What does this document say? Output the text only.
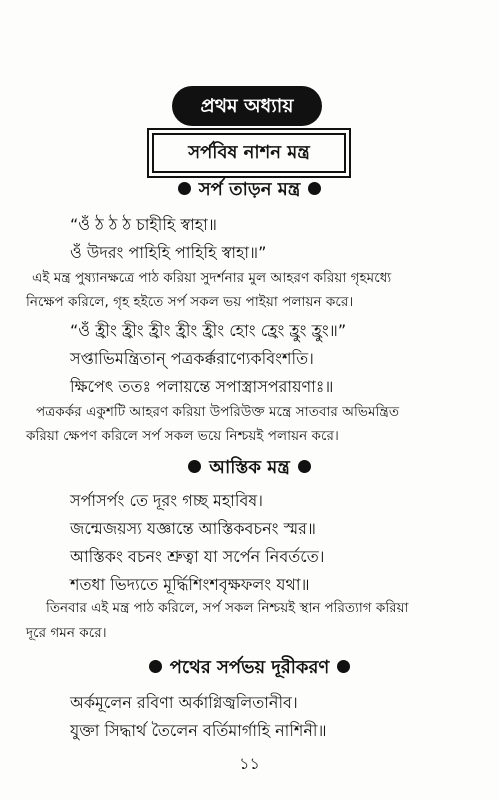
প্রথম অধ্যায়
সর্পবিষ নাশন মন্ত্র
সর্প তাড়ন মন্ত্র
“ওঁ ঠ ঠ ঠ চাহীহি স্বাহা॥
ওঁ উদরং পাহিহি পাহিহি স্বাহা॥”
এই মন্ত্র পুষ্যানক্ষত্রে পাঠ করিয়া সুদর্শনার মুল আহরণ করিয়া গৃহমধ্যে
নিক্ষেপ করিলে, গৃহ হইতে সর্প সকল ভয় পাইয়া পলায়ন করে।
“ওঁ হ্রীং হ্রীং হ্রীং হ্রীং হ্রীং হোং হ্রেং হ্রুং হ্রুং॥”
সপ্তাভিমন্ত্রিতান্‌ পত্রকর্ক্করাণ্যেকবিংশতি।
ক্ষিপেৎ ততঃ পলায়ন্তে সপাস্ত্রাসপরায়ণাঃ॥
পত্রকর্কর একুশটি আহরণ করিয়া উপরিউক্ত মন্ত্রে সাতবার অভিমন্ত্রিত
করিয়া ক্ষেপণ করিলে সর্প সকল ভয়ে নিশ্চয়ই পলায়ন করে।
আস্তিক মন্ত্র
সর্পাসর্পং তে দূরং গচ্ছ মহাবিষ।
জন্মেজয়স্য যজ্ঞান্তে আস্তিকবচনং স্মর॥
আস্তিকং বচনং শ্রুত্বা যা সর্পেন নিবর্ততে।
শতধা ভিদ্যতে মূর্দ্ধিশিংশবৃক্ষফলং যথা॥
তিনবার এই মন্ত্র পাঠ করিলে, সর্প সকল নিশ্চয়ই স্থান পরিত্যাগ করিয়া
দূরে গমন করে।
পথের সর্পভয় দূরীকরণ
অর্কমূলেন রবিণা অর্কাগ্নিজ্বলিতানীব।
যুক্তা সিদ্ধার্থ তৈলেন বর্তিমার্গাহি নাশিনী॥
১১
